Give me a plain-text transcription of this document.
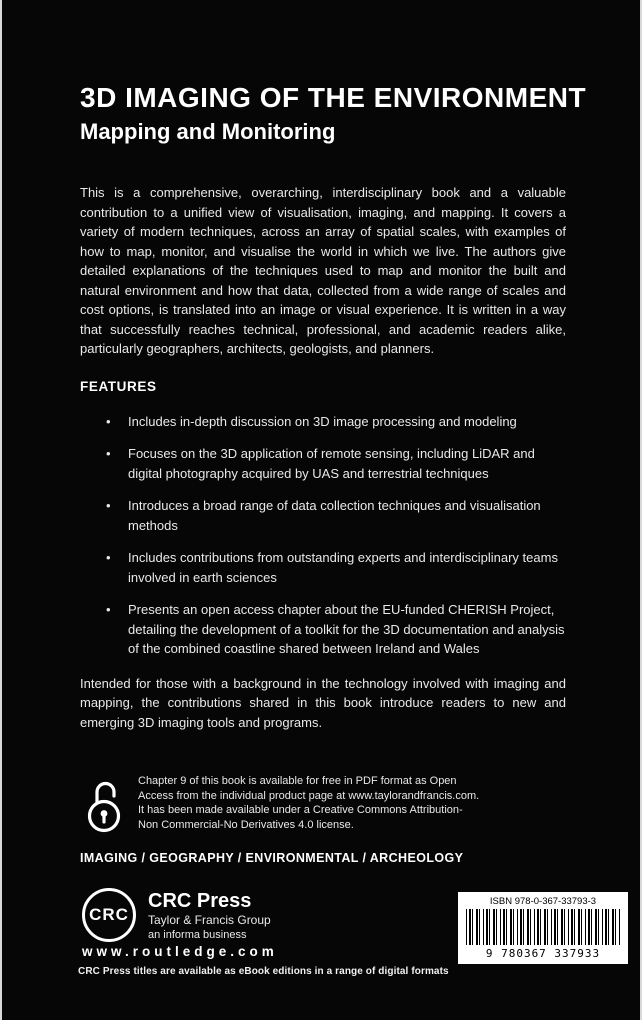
3D IMAGING OF THE ENVIRONMENT
Mapping and Monitoring

This is a comprehensive, overarching, interdisciplinary book and a valuable contribution to a unified view of visualisation, imaging, and mapping. It covers a variety of modern techniques, across an array of spatial scales, with examples of how to map, monitor, and visualise the world in which we live. The authors give detailed explanations of the techniques used to map and monitor the built and natural environment and how that data, collected from a wide range of scales and cost options, is translated into an image or visual experience. It is written in a way that successfully reaches technical, professional, and academic readers alike, particularly geographers, architects, geologists, and planners.

FEATURES
• Includes in-depth discussion on 3D image processing and modeling
• Focuses on the 3D application of remote sensing, including LiDAR and digital photography acquired by UAS and terrestrial techniques
• Introduces a broad range of data collection techniques and visualisation methods
• Includes contributions from outstanding experts and interdisciplinary teams involved in earth sciences
• Presents an open access chapter about the EU-funded CHERISH Project, detailing the development of a toolkit for the 3D documentation and analysis of the combined coastline shared between Ireland and Wales

Intended for those with a background in the technology involved with imaging and mapping, the contributions shared in this book introduce readers to new and emerging 3D imaging tools and programs.

Chapter 9 of this book is available for free in PDF format as Open Access from the individual product page at www.taylorandfrancis.com. It has been made available under a Creative Commons Attribution-Non Commercial-No Derivatives 4.0 license.

IMAGING / GEOGRAPHY / ENVIRONMENTAL / ARCHEOLOGY
CRC
CRC Press
Taylor & Francis Group
an informa business
www.routledge.com
ISBN 978-0-367-33793-3
9 780367 337933
CRC Press titles are available as eBook editions in a range of digital formats
